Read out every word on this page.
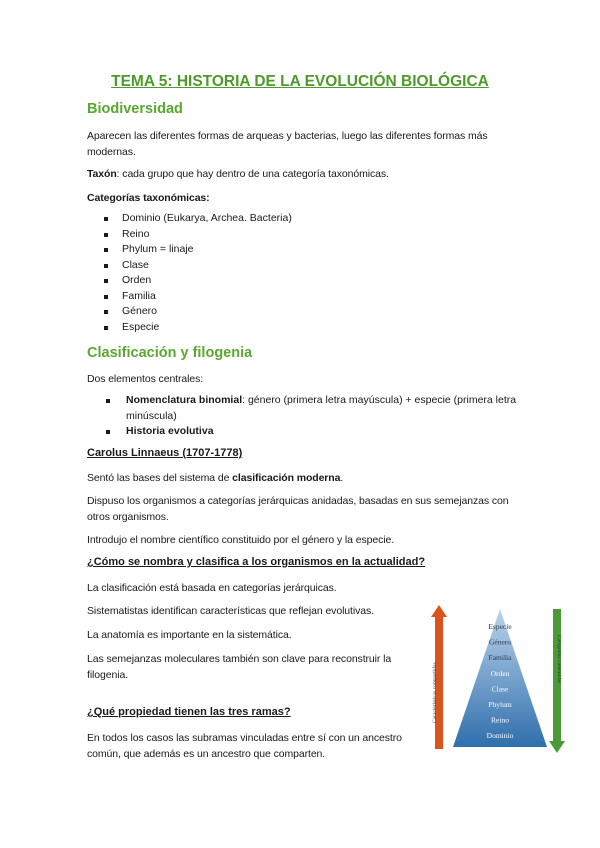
TEMA 5: HISTORIA DE LA EVOLUCIÓN BIOLÓGICA
Biodiversidad
Aparecen las diferentes formas de arqueas y bacterias, luego las diferentes formas más modernas.
Taxón: cada grupo que hay dentro de una categoría taxonómicas.
Categorías taxonómicas:
Dominio (Eukarya, Archea. Bacteria)
Reino
Phylum = linaje
Clase
Orden
Familia
Género
Especie
Clasificación y filogenia
Dos elementos centrales:
Nomenclatura binomial: género (primera letra mayúscula) + especie (primera letra minúscula)
Historia evolutiva
Carolus Linnaeus (1707-1778)
Sentó las bases del sistema de clasificación moderna.
Dispuso los organismos a categorías jerárquicas anidadas, basadas en sus semejanzas con otros organismos.
Introdujo el nombre científico constituido por el género y la especie.
¿Cómo se nombra y clasifica a los organismos en la actualidad?
La clasificación está basada en categorías jerárquicas.
Sistematistas identifican características que reflejan evolutivas.
La anatomía es importante en la sistemática.
Las semejanzas moleculares también son clave para reconstruir la filogenia.
¿Qué propiedad tienen las tres ramas?
En todos los casos las subramas vinculadas entre sí con un ancestro común, que además es un ancestro que comparten.
Características compartidas
Categorías contenidas
Especie
Género
Familia
Orden
Clase
Phylum
Reino
Dominio
